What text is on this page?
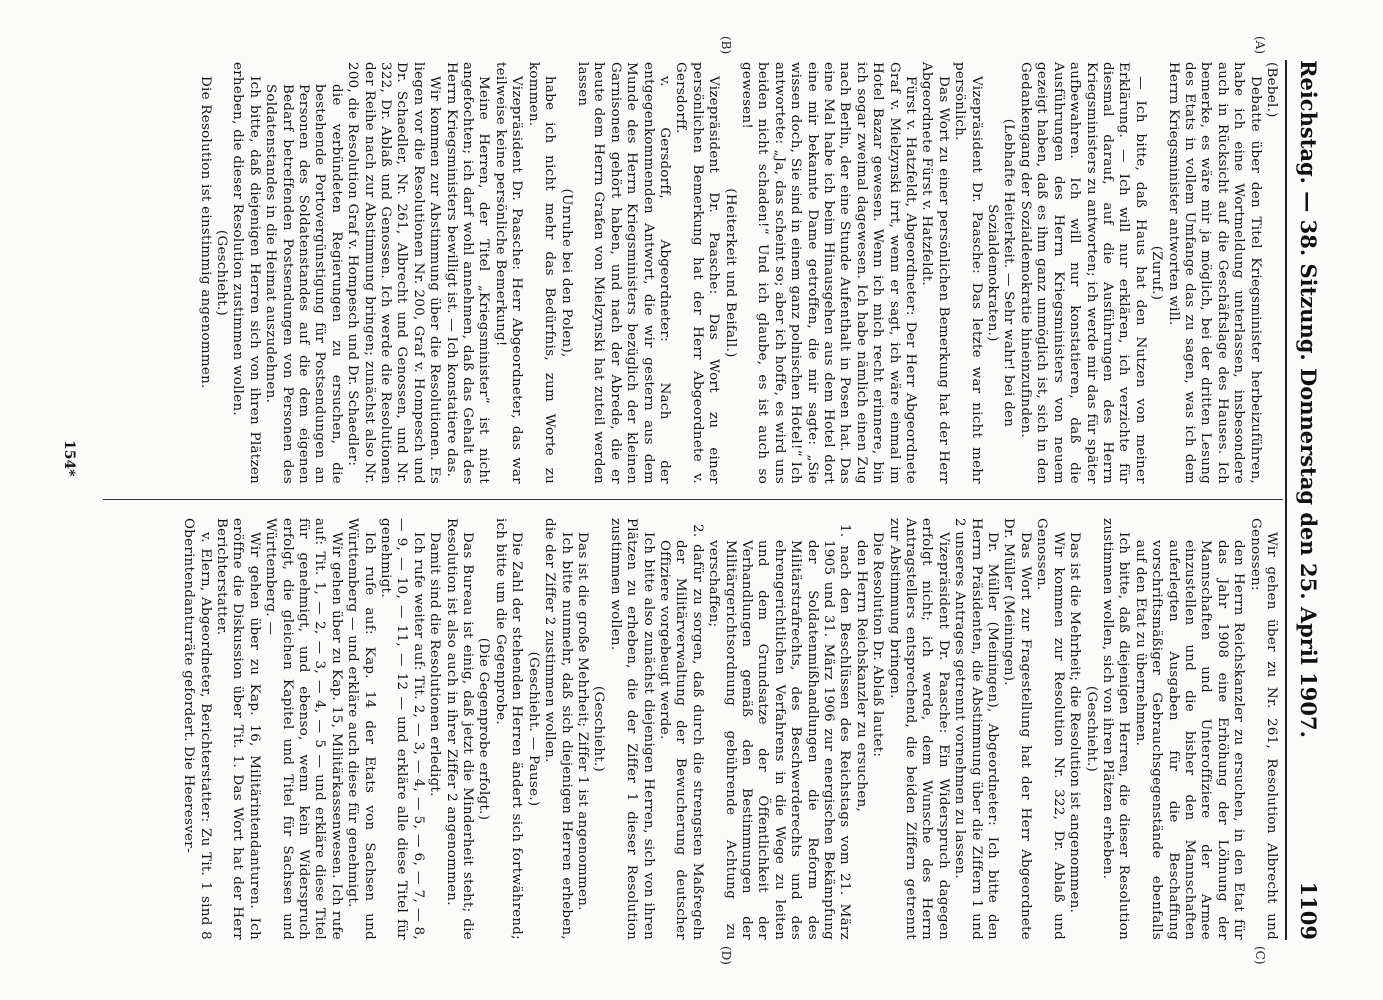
Reichstag. — 38. Sitzung. Donnerstag den 25. April 1907.
1109
(A)
(B)
(C)
(D)

(Bebel.)

Debatte über den Titel Kriegsminister herbeizuführen, habe ich eine Wortmeldung unterlassen, insbesondere auch in Rücksicht auf die Geschäftslage des Hauses. Ich bemerke, es wäre mir ja möglich, bei der dritten Lesung des Etats in vollem Umfange das zu sagen, was ich dem Herrn Kriegsminister antworten will.

(Zuruf.)

— Ich bitte, daß Haus hat den Nutzen von meiner Erklärung. — Ich will nur erklären, ich verzichte für diesmal darauf, auf die Ausführungen des Herrn Kriegsministers zu antworten; ich werde mir das für später aufbewahren. Ich will nur konstatieren, daß die Ausführungen des Herrn Kriegsministers von neuem gezeigt haben, daß es ihm ganz unmöglich ist, sich in den Gedankengang der Sozialdemokratie hineinzufinden.

(Lebhafte Heiterkeit. — Sehr wahr! bei den Sozialdemokraten.)

Vizepräsident Dr. Paasche: Das letzte war nicht mehr persönlich.

Das Wort zu einer persönlichen Bemerkung hat der Herr Abgeordnete Fürst v. Hatzfeldt.

Fürst v. Hatzfeldt, Abgeordneter: Der Herr Abgeordnete Graf v. Mielzynski irrt, wenn er sagt, ich wäre einmal im Hotel Bazar gewesen. Wenn ich mich recht erinnere, bin ich sogar zweimal dagewesen. Ich habe nämlich einen Zug nach Berlin, der eine Stunde Aufenthalt in Posen hat. Das eine Mal habe ich beim Hinausgehen aus dem Hotel dort eine mir bekannte Dame getroffen, die mir sagte: „Sie wissen doch, Sie sind in einem ganz polnischen Hotel!“ Ich antwortete: „Ja, das scheint so; aber ich hoffe, es wird uns beiden nicht schaden!“ Und ich glaube, es ist auch so gewesen!

(Heiterkeit und Beifall.)

Vizepräsident Dr. Paasche: Das Wort zu einer persönlichen Bemerkung hat der Herr Abgeordnete v. Gersdorff.

v. Gersdorff, Abgeordneter: Nach der entgegenkommenden Antwort, die wir gestern aus dem Munde des Herrn Kriegsministers bezüglich der kleinen Garnisonen gehört haben, und nach der Abrede, die er heute dem Herrn Grafen von Mielzynski hat zuteil werden lassen

(Unruhe bei den Polen),

habe ich nicht mehr das Bedürfnis, zum Worte zu kommen.

Vizepräsident Dr. Paasche: Herr Abgeordneter, das war teilweise keine persönliche Bemerkung!

Meine Herren, der Titel „Kriegsminister“ ist nicht angefochten; ich darf wohl annehmen, daß das Gehalt des Herrn Kriegsministers bewilligt ist. — Ich konstatiere das.

Wir kommen zur Abstimmung über die Resolutionen. Es liegen vor die Resolutionen Nr. 200, Graf v. Hompesch und Dr. Schaedler, Nr. 261, Albrecht und Genossen, und Nr. 322, Dr. Ablaß und Genossen. Ich werde die Resolutionen der Reihe nach zur Abstimmung bringen; zunächst also Nr. 200, die Resolution Graf v. Hompesch und Dr. Schaedler:

die verbündeten Regierungen zu ersuchen, die bestehende Portovergünstigung für Postsendungen an Personen des Soldatenstandes auf die dem eigenen Bedarf betreffenden Postsendungen von Personen des Soldatenstandes in die Heimat auszudehnen.

Ich bitte, daß diejenigen Herren sich von ihren Plätzen erheben, die dieser Resolution zustimmen wollen.

(Geschieht.)

Die Resolution ist einstimmig angenommen.

Wir gehen über zu Nr. 261, Resolution Albrecht und Genossen:

den Herrn Reichskanzler zu ersuchen, in den Etat für das Jahr 1908 eine Erhöhung der Löhnung der Mannschaften und Unteroffiziere der Armee einzustellen und die bisher den Mannschaften auferlegten Ausgaben für die Beschaffung vorschriftsmäßiger Gebrauchsgegenstände ebenfalls auf den Etat zu übernehmen.

Ich bitte, daß diejenigen Herren, die dieser Resolution zustimmen wollen, sich von ihren Plätzen erheben.

(Geschieht.)

Das ist die Mehrheit; die Resolution ist angenommen.

Wir kommen zur Resolution Nr. 322, Dr. Ablaß und Genossen.

Das Wort zur Fragestellung hat der Herr Abgeordnete Dr. Müller (Meiningen).

Dr. Müller (Meiningen), Abgeordneter: Ich bitte den Herrn Präsidenten, die Abstimmung über die Ziffern 1 und 2 unseres Antrages getrennt vornehmen zu lassen.

Vizepräsident Dr. Paasche: Ein Widerspruch dagegen erfolgt nicht; ich werde, dem Wunsche des Herrn Antragstellers entsprechend, die beiden Ziffern getrennt zur Abstimmung bringen.

Die Resolution Dr. Ablaß lautet:

den Herrn Reichskanzler zu ersuchen,

1. nach den Beschlüssen des Reichstags vom 21. März 1905 und 31. März 1906 zur energischen Bekämpfung der Soldatenmißhandlungen die Reform des Militärstrafrechts, des Beschwerderechts und des ehrengerichtlichen Verfahrens in die Wege zu leiten und dem Grundsatze der Öffentlichkeit der Verhandlungen gemäß den Bestimmungen der Militärgerichtsordnung gebührende Achtung zu verschaffen;

2. dafür zu sorgen, daß durch die strengsten Maßregeln der Militärverwaltung der Bewucherung deutscher Offiziere vorgebeugt werde.

Ich bitte also zunächst diejenigen Herren, sich von ihren Plätzen zu erheben, die der Ziffer 1 dieser Resolution zustimmen wollen.

(Geschieht.)

Das ist die große Mehrheit; Ziffer 1 ist angenommen.

Ich bitte nunmehr, daß sich diejenigen Herren erheben, die der Ziffer 2 zustimmen wollen.

(Geschieht. — Pause.)

Die Zahl der stehenden Herren ändert sich fortwährend; ich bitte um die Gegenprobe.

(Die Gegenprobe erfolgt.)

Das Bureau ist einig, daß jetzt die Minderheit steht; die Resolution ist also auch in ihrer Ziffer 2 angenommen.

Damit sind die Resolutionen erledigt.

Ich rufe weiter auf: Tit. 2, — 3, — 4, — 5, — 6, — 7, — 8, — 9, — 10, — 11, — 12 — und erkläre alle diese Titel für genehmigt.

Ich rufe auf: Kap. 14 der Etats von Sachsen und Württemberg — und erkläre auch diese für genehmigt.

Wir gehen über zu Kap. 15, Militärkassenwesen. Ich rufe auf: Tit. 1, — 2, — 3, — 4, — 5 — und erkläre diese Titel für genehmigt, und ebenso, wenn kein Widerspruch erfolgt, die gleichen Kapitel und Titel für Sachsen und Württemberg. —

Wir gehen über zu Kap. 16, Militärintendanturen. Ich eröffne die Diskussion über Tit. 1. Das Wort hat der Herr Berichterstatter.

v. Elern, Abgeordneter, Berichterstatter: Zu Tit. 1 sind 8 Oberintendanturräte gefordert. Die Heeresver-

154*
